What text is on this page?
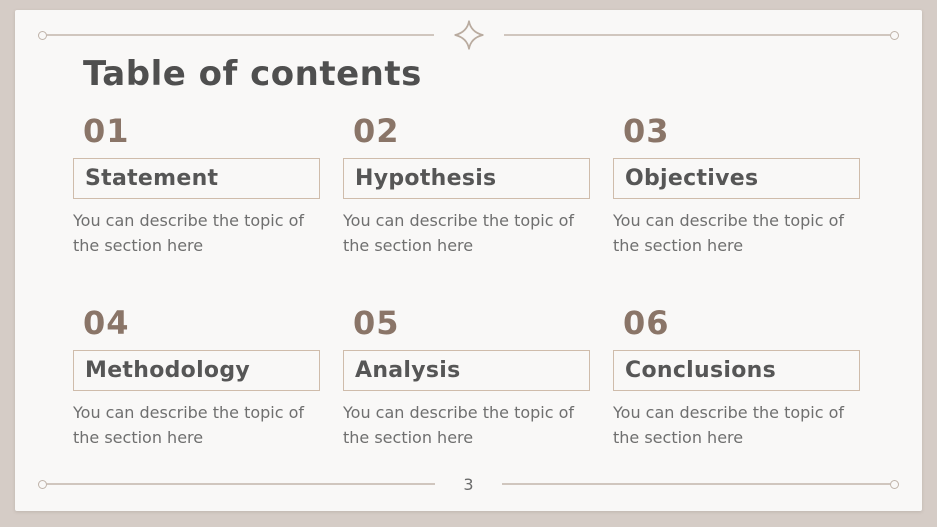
Table of contents
01
Statement
You can describe the topic of the section here
02
Hypothesis
You can describe the topic of the section here
03
Objectives
You can describe the topic of the section here
04
Methodology
You can describe the topic of the section here
05
Analysis
You can describe the topic of the section here
06
Conclusions
You can describe the topic of the section here
3
